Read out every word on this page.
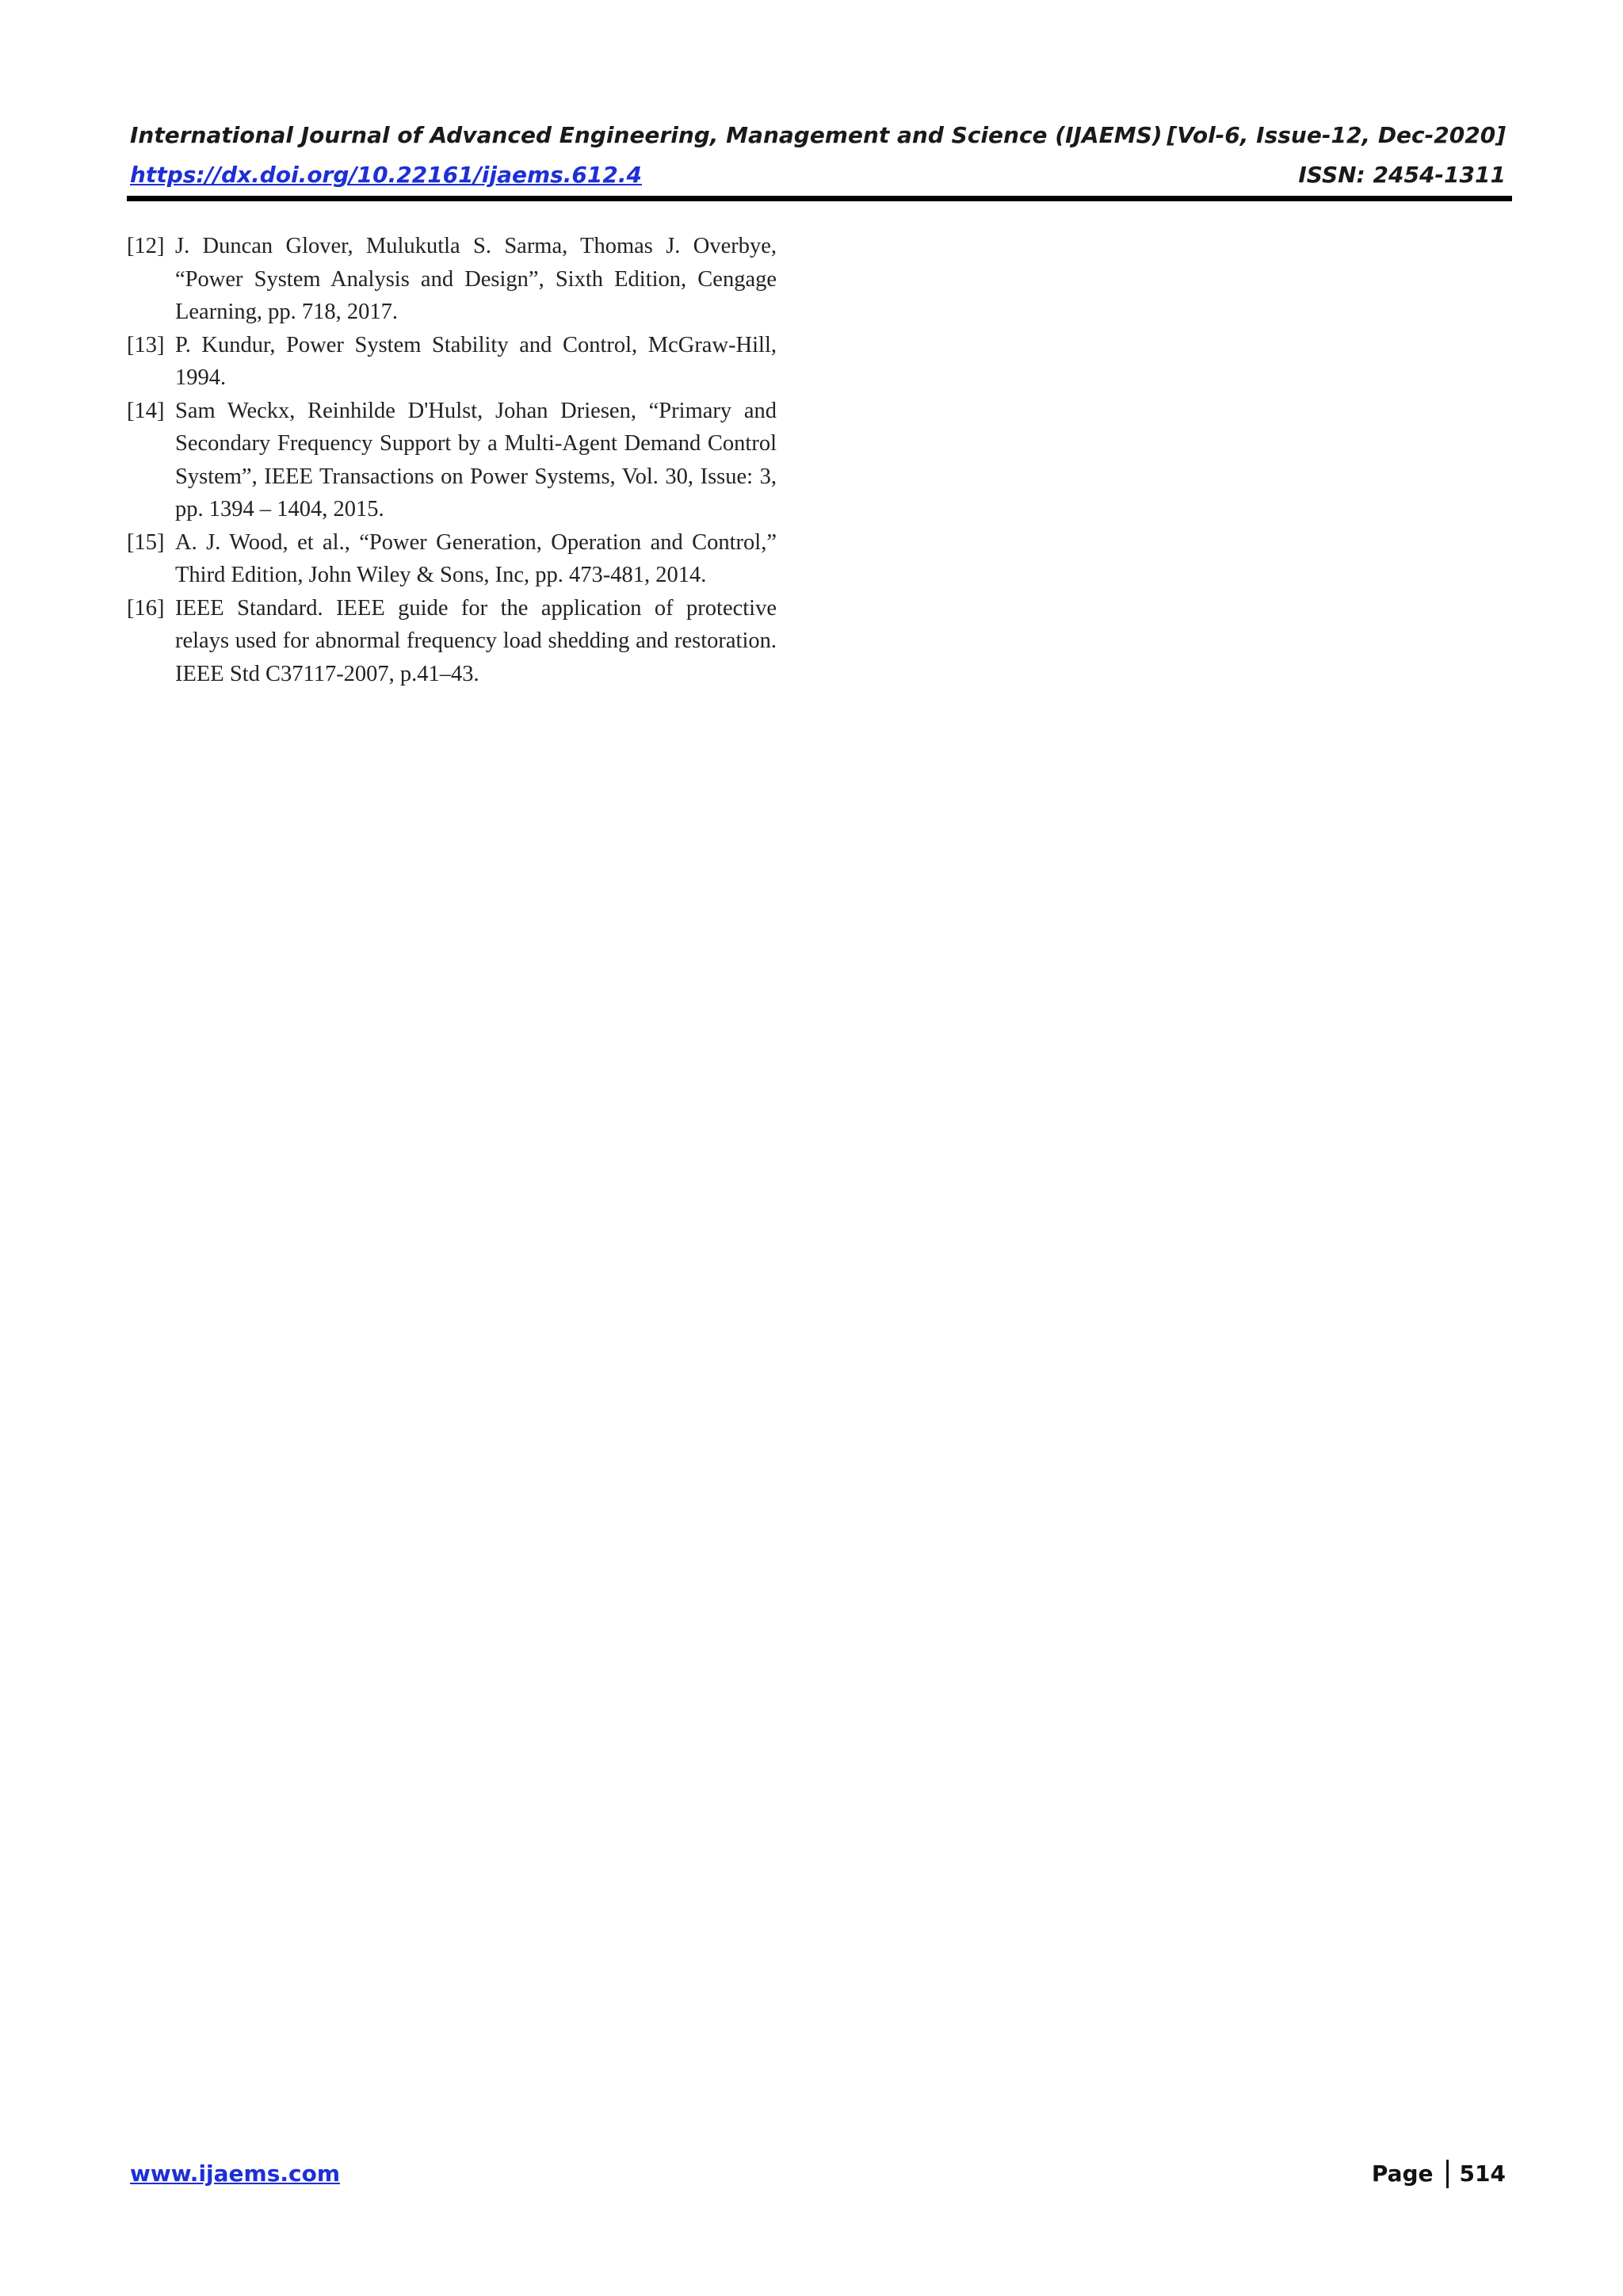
International Journal of Advanced Engineering, Management and Science (IJAEMS) [Vol-6, Issue-12, Dec-2020]
https://dx.doi.org/10.22161/ijaems.612.4	ISSN: 2454-1311
[12] J. Duncan Glover, Mulukutla S. Sarma, Thomas J. Overbye, “Power System Analysis and Design”, Sixth Edition, Cengage Learning, pp. 718, 2017.
[13] P. Kundur, Power System Stability and Control, McGraw-Hill, 1994.
[14] Sam Weckx, Reinhilde D'Hulst, Johan Driesen, “Primary and Secondary Frequency Support by a Multi-Agent Demand Control System”, IEEE Transactions on Power Systems, Vol. 30, Issue: 3, pp. 1394 – 1404, 2015.
[15] A. J. Wood, et al., “Power Generation, Operation and Control,” Third Edition, John Wiley & Sons, Inc, pp. 473-481, 2014.
[16] IEEE Standard. IEEE guide for the application of protective relays used for abnormal frequency load shedding and restoration. IEEE Std C37117-2007, p.41–43.
www.ijaems.com	Page 514
